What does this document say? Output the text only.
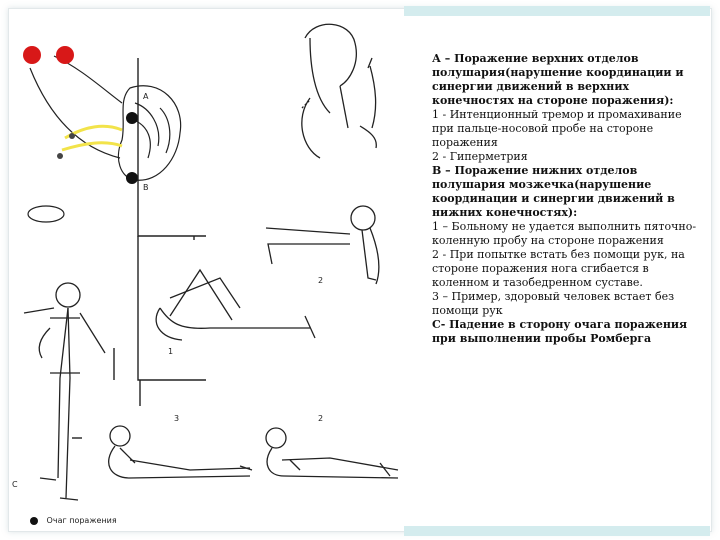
А
В
С
2
1
3	2
Очаг поражения
А – Поражение верхних отделов полушария(нарушение координации и синергии движений в верхних конечностях на стороне поражения):
1 - Интенционный тремор и промахивание при пальце-носовой пробе на стороне поражения
2 - Гиперметрия
В – Поражение нижних отделов полушария мозжечка(нарушение координации и синергии движений в нижних конечностях):
1 – Больному не удается выполнить пяточно-коленную пробу на стороне поражения
2 - При попытке встать без помощи рук, на стороне поражения нога сгибается в коленном и тазобедренном суставе.
3 – Пример, здоровый человек встает без помощи рук
С- Падение в сторону очага поражения при выполнении пробы Ромберга
